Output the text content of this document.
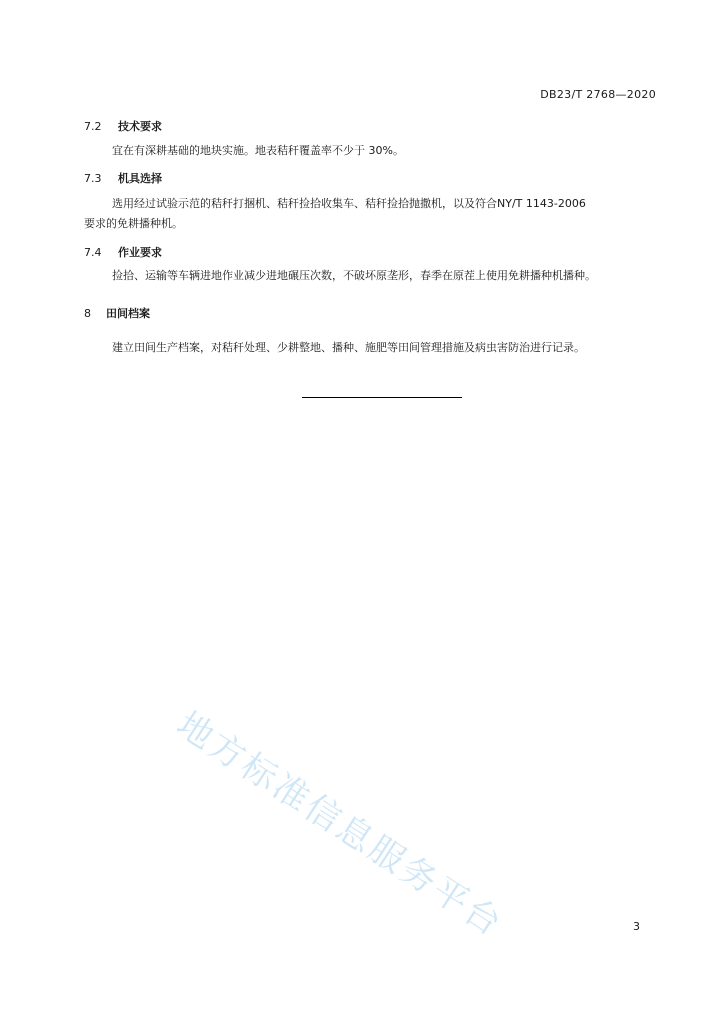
DB23/T 2768—2020
7.2 技术要求
宜在有深耕基础的地块实施。地表秸秆覆盖率不少于 30%。
7.3 机具选择
选用经过试验示范的秸秆打捆机、秸秆捡拾收集车、秸秆捡拾抛撒机，以及符合NY/T 1143-2006
要求的免耕播种机。
7.4 作业要求
捡拾、运输等车辆进地作业减少进地碾压次数，不破坏原垄形，春季在原茬上使用免耕播种机播种。
8 田间档案
建立田间生产档案，对秸秆处理、少耕整地、播种、施肥等田间管理措施及病虫害防治进行记录。
地方标准信息服务平台	3
